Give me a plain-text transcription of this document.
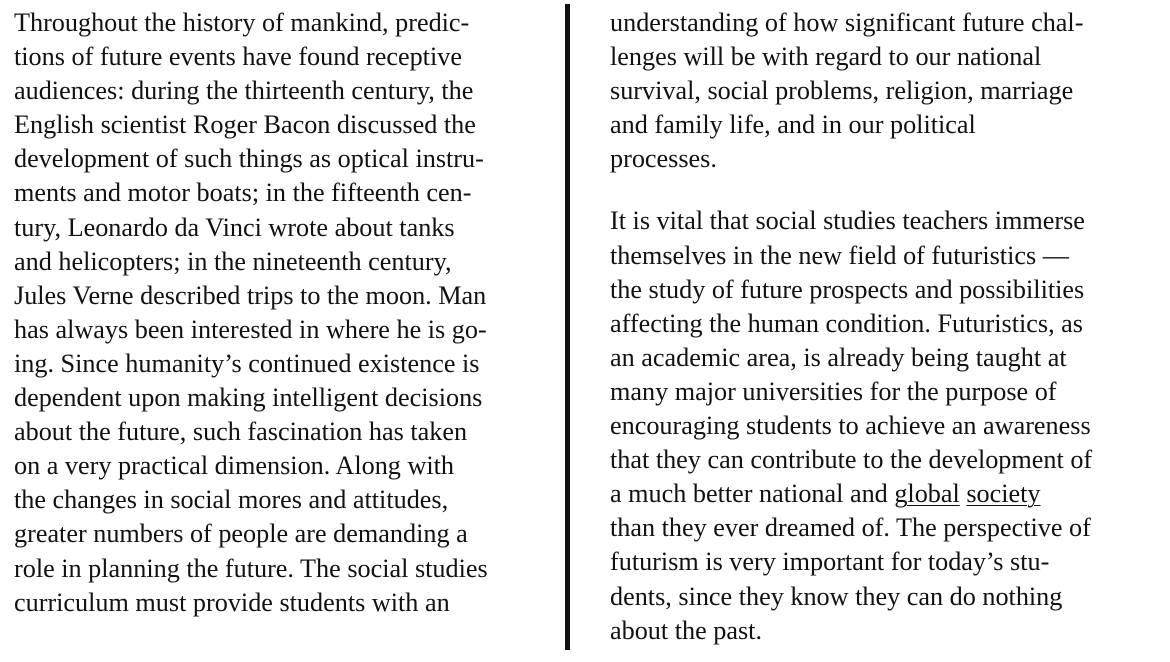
Throughout the history of mankind, predic-
tions of future events have found receptive
audiences: during the thirteenth century, the
English scientist Roger Bacon discussed the
development of such things as optical instru-
ments and motor boats; in the fifteenth cen-
tury, Leonardo da Vinci wrote about tanks
and helicopters; in the nineteenth century,
Jules Verne described trips to the moon. Man
has always been interested in where he is go-
ing. Since humanity’s continued existence is
dependent upon making intelligent decisions
about the future, such fascination has taken
on a very practical dimension. Along with
the changes in social mores and attitudes,
greater numbers of people are demanding a
role in planning the future. The social studies
curriculum must provide students with an
understanding of how significant future chal-
lenges will be with regard to our national
survival, social problems, religion, marriage
and family life, and in our political
processes.
It is vital that social studies teachers immerse
themselves in the new field of futuristics —
the study of future prospects and possibilities
affecting the human condition. Futuristics, as
an academic area, is already being taught at
many major universities for the purpose of
encouraging students to achieve an awareness
that they can contribute to the development of
a much better national and global society
than they ever dreamed of. The perspective of
futurism is very important for today’s stu-
dents, since they know they can do nothing
about the past.
